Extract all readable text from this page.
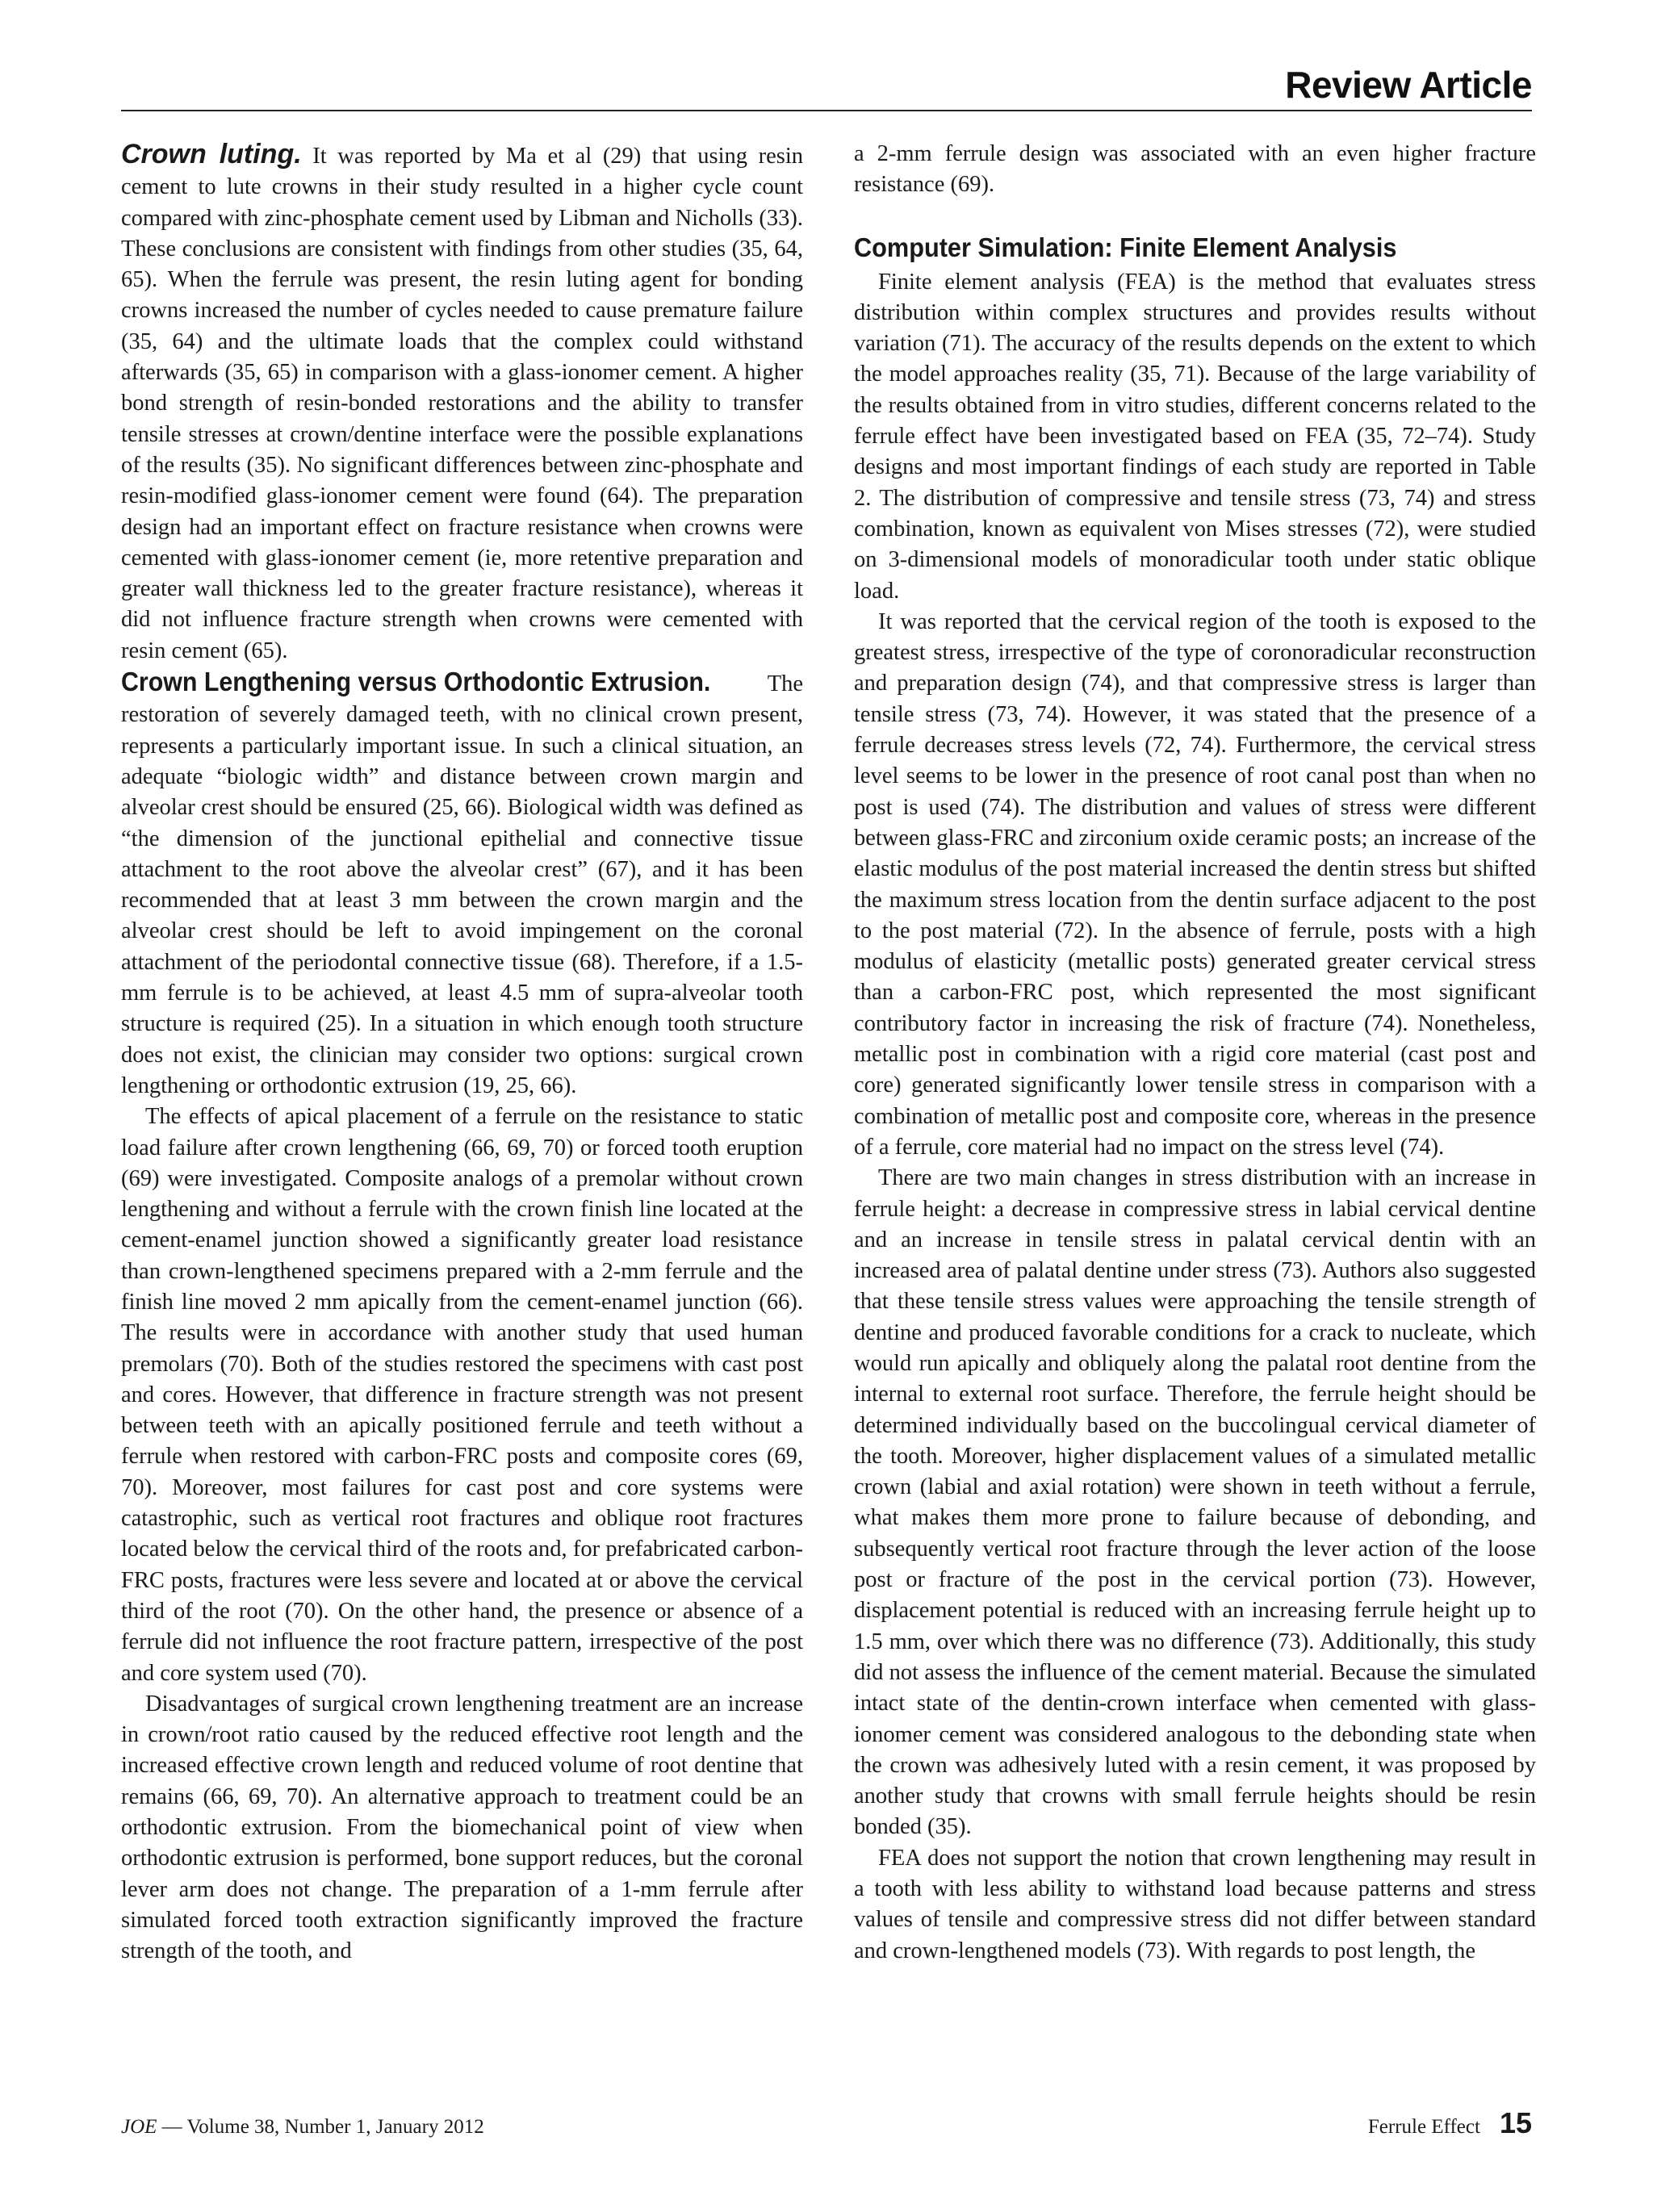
Review Article

Crown luting. It was reported by Ma et al (29) that using resin cement to lute crowns in their study resulted in a higher cycle count compared with zinc-phosphate cement used by Libman and Nicholls (33). These conclusions are consistent with findings from other studies (35, 64, 65). When the ferrule was present, the resin luting agent for bonding crowns increased the number of cycles needed to cause premature failure (35, 64) and the ultimate loads that the complex could withstand afterwards (35, 65) in comparison with a glass-ionomer cement. A higher bond strength of resin-bonded restorations and the ability to transfer tensile stresses at crown/dentine interface were the possible explanations of the results (35). No significant differences between zinc-phosphate and resin-modified glass-ionomer cement were found (64). The preparation design had an important effect on fracture resistance when crowns were cemented with glass-ionomer cement (ie, more retentive preparation and greater wall thickness led to the greater fracture resistance), whereas it did not influence fracture strength when crowns were cemented with resin cement (65).

Crown Lengthening versus Orthodontic Extrusion. The restoration of severely damaged teeth, with no clinical crown present, represents a particularly important issue. In such a clinical situation, an adequate “biologic width” and distance between crown margin and alveolar crest should be ensured (25, 66). Biological width was defined as “the dimension of the junctional epithelial and connective tissue attachment to the root above the alveolar crest” (67), and it has been recommended that at least 3 mm between the crown margin and the alveolar crest should be left to avoid impingement on the coronal attachment of the periodontal connective tissue (68). Therefore, if a 1.5-mm ferrule is to be achieved, at least 4.5 mm of supra-alveolar tooth structure is required (25). In a situation in which enough tooth structure does not exist, the clinician may consider two options: surgical crown lengthening or orthodontic extrusion (19, 25, 66).

The effects of apical placement of a ferrule on the resistance to static load failure after crown lengthening (66, 69, 70) or forced tooth eruption (69) were investigated. Composite analogs of a premolar without crown lengthening and without a ferrule with the crown finish line located at the cement-enamel junction showed a significantly greater load resistance than crown-lengthened specimens prepared with a 2-mm ferrule and the finish line moved 2 mm apically from the cement-enamel junction (66). The results were in accordance with another study that used human premolars (70). Both of the studies restored the specimens with cast post and cores. However, that difference in fracture strength was not present between teeth with an apically positioned ferrule and teeth without a ferrule when restored with carbon-FRC posts and composite cores (69, 70). Moreover, most failures for cast post and core systems were catastrophic, such as vertical root fractures and oblique root fractures located below the cervical third of the roots and, for prefabricated carbon-FRC posts, fractures were less severe and located at or above the cervical third of the root (70). On the other hand, the presence or absence of a ferrule did not influence the root fracture pattern, irrespective of the post and core system used (70).

Disadvantages of surgical crown lengthening treatment are an increase in crown/root ratio caused by the reduced effective root length and the increased effective crown length and reduced volume of root dentine that remains (66, 69, 70). An alternative approach to treatment could be an orthodontic extrusion. From the biomechanical point of view when orthodontic extrusion is performed, bone support reduces, but the coronal lever arm does not change. The preparation of a 1-mm ferrule after simulated forced tooth extraction significantly improved the fracture strength of the tooth, and

a 2-mm ferrule design was associated with an even higher fracture resistance (69).

Computer Simulation: Finite Element Analysis

Finite element analysis (FEA) is the method that evaluates stress distribution within complex structures and provides results without variation (71). The accuracy of the results depends on the extent to which the model approaches reality (35, 71). Because of the large variability of the results obtained from in vitro studies, different concerns related to the ferrule effect have been investigated based on FEA (35, 72–74). Study designs and most important findings of each study are reported in Table 2. The distribution of compressive and tensile stress (73, 74) and stress combination, known as equivalent von Mises stresses (72), were studied on 3-dimensional models of monoradicular tooth under static oblique load.

It was reported that the cervical region of the tooth is exposed to the greatest stress, irrespective of the type of coronoradicular reconstruction and preparation design (74), and that compressive stress is larger than tensile stress (73, 74). However, it was stated that the presence of a ferrule decreases stress levels (72, 74). Furthermore, the cervical stress level seems to be lower in the presence of root canal post than when no post is used (74). The distribution and values of stress were different between glass-FRC and zirconium oxide ceramic posts; an increase of the elastic modulus of the post material increased the dentin stress but shifted the maximum stress location from the dentin surface adjacent to the post to the post material (72). In the absence of ferrule, posts with a high modulus of elasticity (metallic posts) generated greater cervical stress than a carbon-FRC post, which represented the most significant contributory factor in increasing the risk of fracture (74). Nonetheless, metallic post in combination with a rigid core material (cast post and core) generated significantly lower tensile stress in comparison with a combination of metallic post and composite core, whereas in the presence of a ferrule, core material had no impact on the stress level (74).

There are two main changes in stress distribution with an increase in ferrule height: a decrease in compressive stress in labial cervical dentine and an increase in tensile stress in palatal cervical dentin with an increased area of palatal dentine under stress (73). Authors also suggested that these tensile stress values were approaching the tensile strength of dentine and produced favorable conditions for a crack to nucleate, which would run apically and obliquely along the palatal root dentine from the internal to external root surface. Therefore, the ferrule height should be determined individually based on the buccolingual cervical diameter of the tooth. Moreover, higher displacement values of a simulated metallic crown (labial and axial rotation) were shown in teeth without a ferrule, what makes them more prone to failure because of debonding, and subsequently vertical root fracture through the lever action of the loose post or fracture of the post in the cervical portion (73). However, displacement potential is reduced with an increasing ferrule height up to 1.5 mm, over which there was no difference (73). Additionally, this study did not assess the influence of the cement material. Because the simulated intact state of the dentin-crown interface when cemented with glass-ionomer cement was considered analogous to the debonding state when the crown was adhesively luted with a resin cement, it was proposed by another study that crowns with small ferrule heights should be resin bonded (35).

FEA does not support the notion that crown lengthening may result in a tooth with less ability to withstand load because patterns and stress values of tensile and compressive stress did not differ between standard and crown-lengthened models (73). With regards to post length, the

JOE — Volume 38, Number 1, January 2012	Ferrule Effect 15
